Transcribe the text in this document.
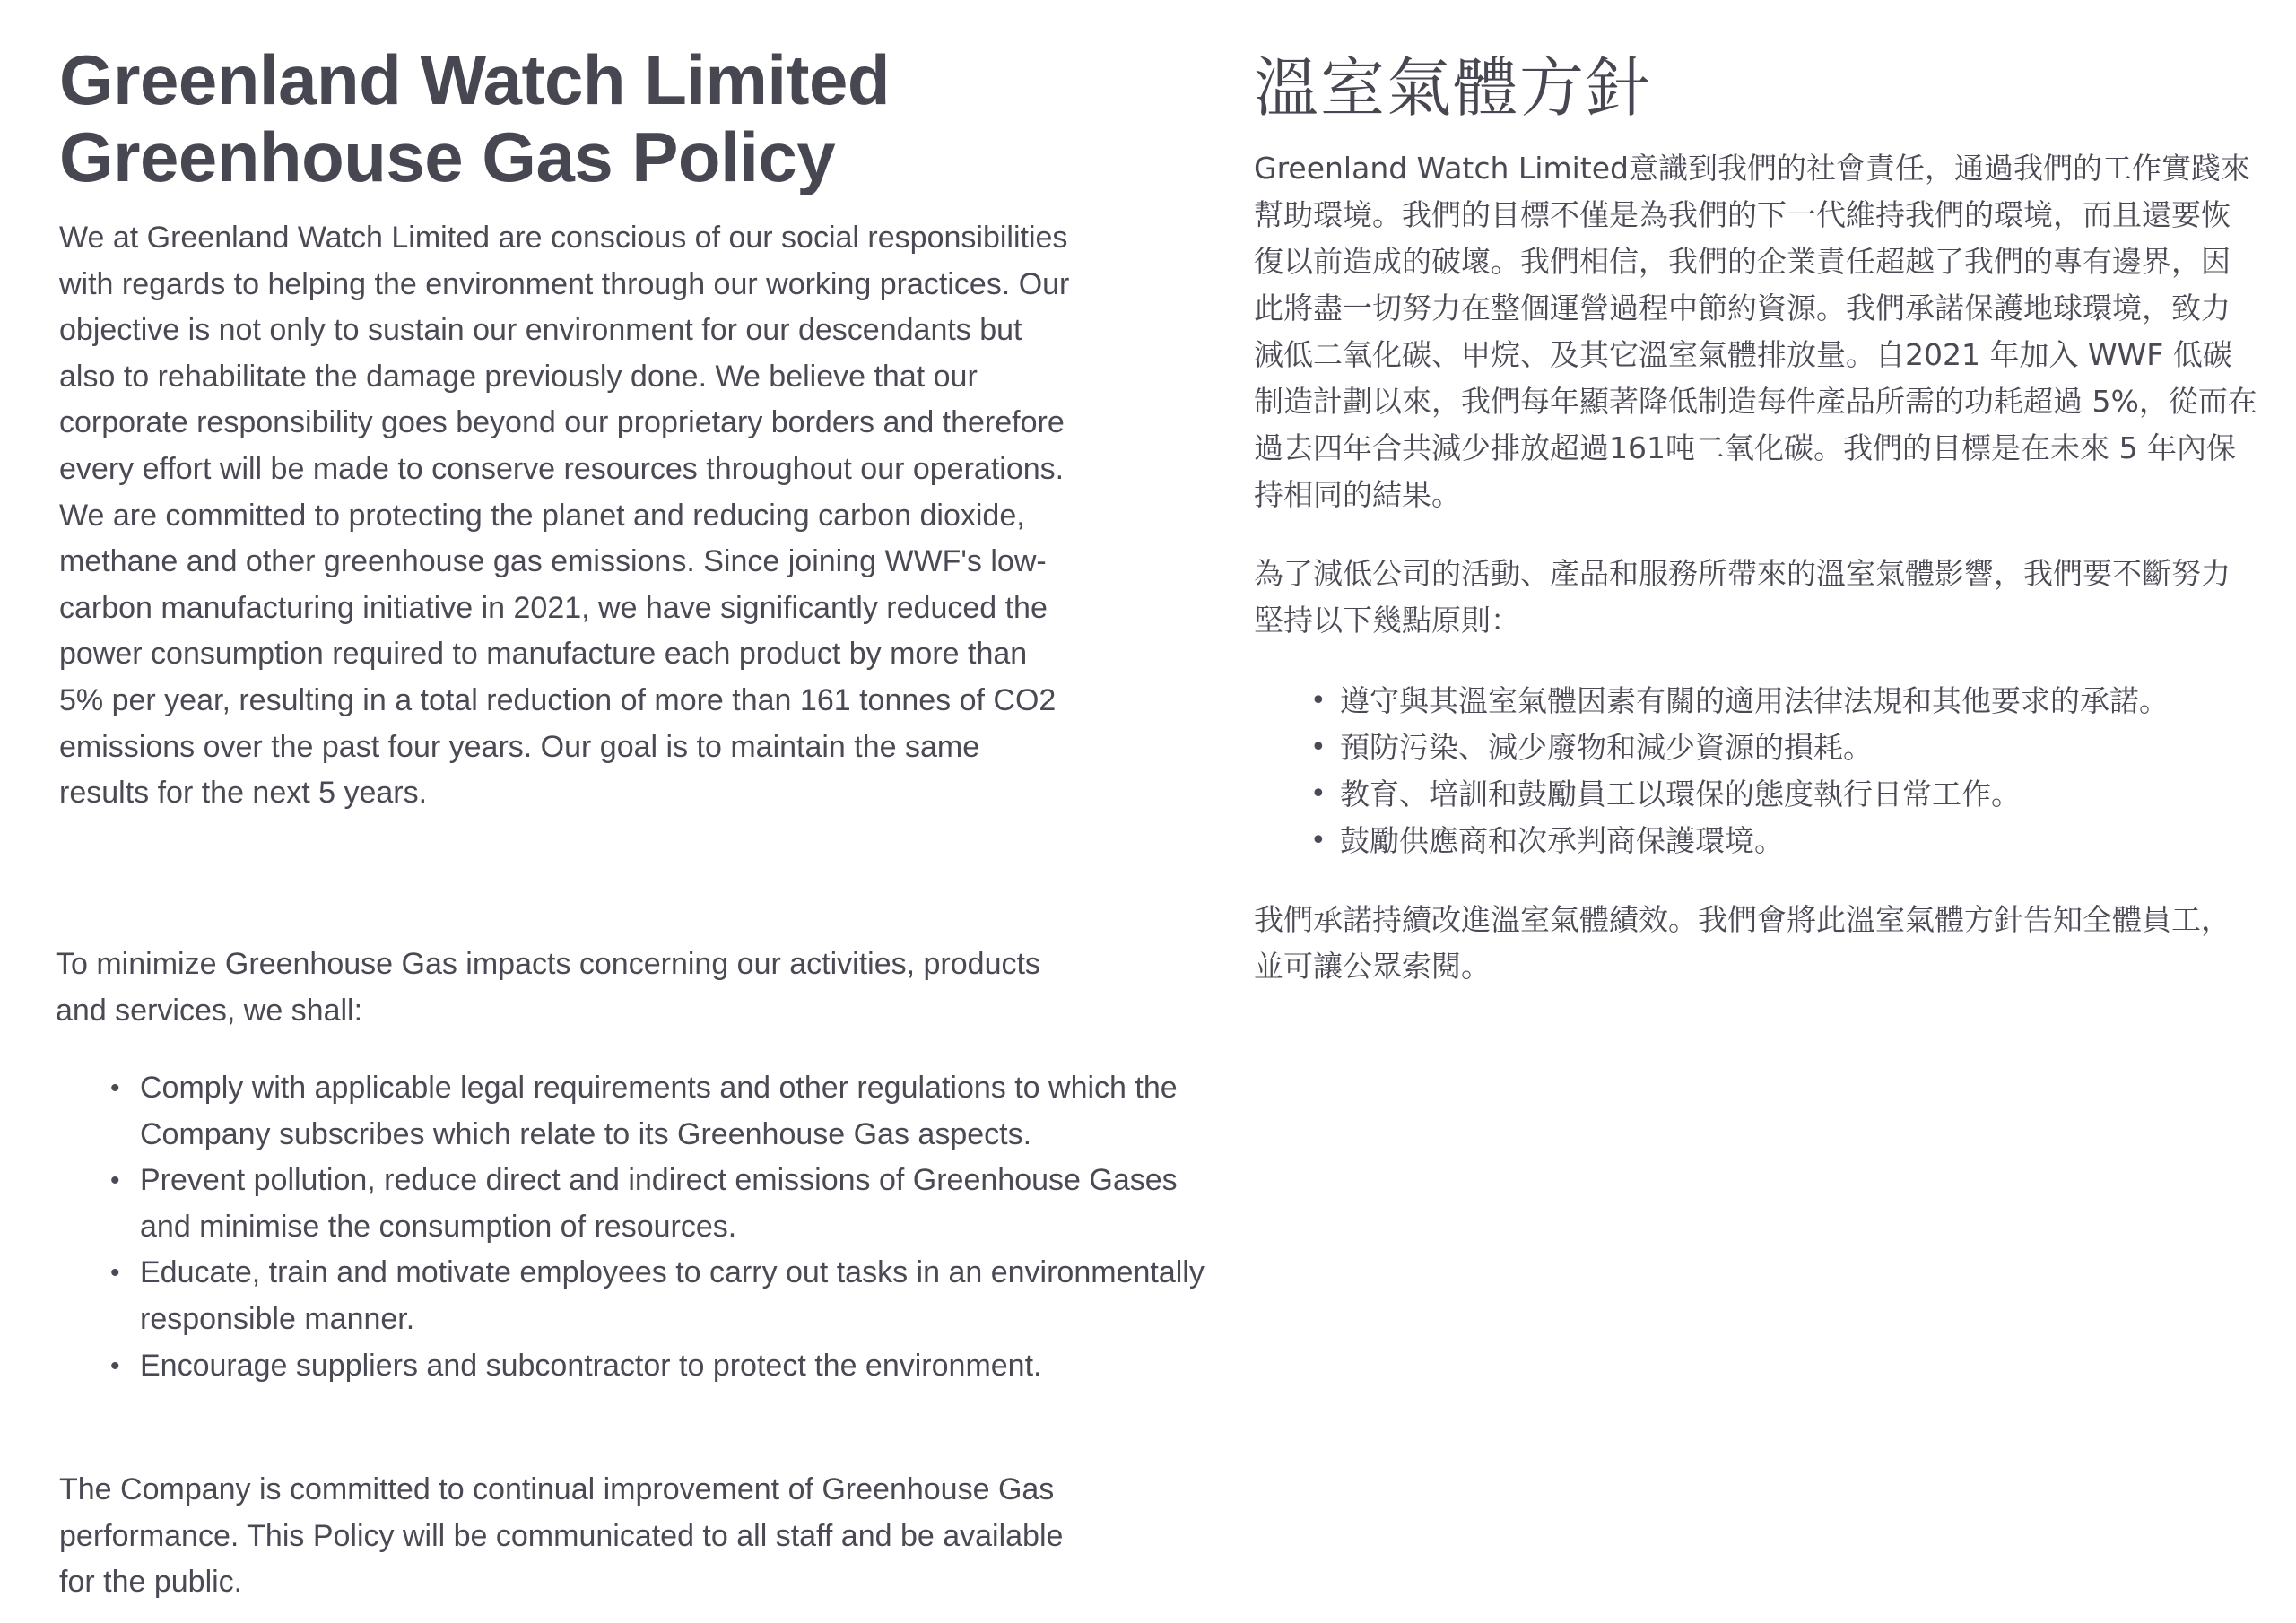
Greenland Watch Limited
Greenhouse Gas Policy

We at Greenland Watch Limited are conscious of our social responsibilities with regards to helping the environment through our working practices. Our objective is not only to sustain our environment for our descendants but also to rehabilitate the damage previously done. We believe that our corporate responsibility goes beyond our proprietary borders and therefore every effort will be made to conserve resources throughout our operations. We are committed to protecting the planet and reducing carbon dioxide, methane and other greenhouse gas emissions. Since joining WWF's low-carbon manufacturing initiative in 2021, we have significantly reduced the power consumption required to manufacture each product by more than 5% per year, resulting in a total reduction of more than 161 tonnes of CO2 emissions over the past four years. Our goal is to maintain the same results for the next 5 years.

To minimize Greenhouse Gas impacts concerning our activities, products and services, we shall:

• Comply with applicable legal requirements and other regulations to which the Company subscribes which relate to its Greenhouse Gas aspects.
• Prevent pollution, reduce direct and indirect emissions of Greenhouse Gases and minimise the consumption of resources.
• Educate, train and motivate employees to carry out tasks in an environmentally responsible manner.
• Encourage suppliers and subcontractor to protect the environment.

The Company is committed to continual improvement of Greenhouse Gas performance. This Policy will be communicated to all staff and be available for the public.

溫室氣體方針

Greenland Watch Limited意識到我們的社會責任，通過我們的工作實踐來幫助環境。我們的目標不僅是為我們的下一代維持我們的環境，而且還要恢復以前造成的破壞。我們相信，我們的企業責任超越了我們的專有邊界，因此將盡一切努力在整個運營過程中節約資源。我們承諾保護地球環境，致力減低二氧化碳、甲烷、及其它溫室氣體排放量。自2021 年加入 WWF 低碳制造計劃以來，我們每年顯著降低制造每件產品所需的功耗超過 5%，從而在過去四年合共減少排放超過161吨二氧化碳。我們的目標是在未來 5 年內保持相同的結果。

為了減低公司的活動、產品和服務所帶來的溫室氣體影響，我們要不斷努力堅持以下幾點原則：

• 遵守與其溫室氣體因素有關的適用法律法規和其他要求的承諾。
• 預防污染、減少廢物和減少資源的損耗。
• 教育、培訓和鼓勵員工以環保的態度執行日常工作。
• 鼓勵供應商和次承判商保護環境。

我們承諾持續改進溫室氣體績效。我們會將此溫室氣體方針告知全體員工，並可讓公眾索閱。
